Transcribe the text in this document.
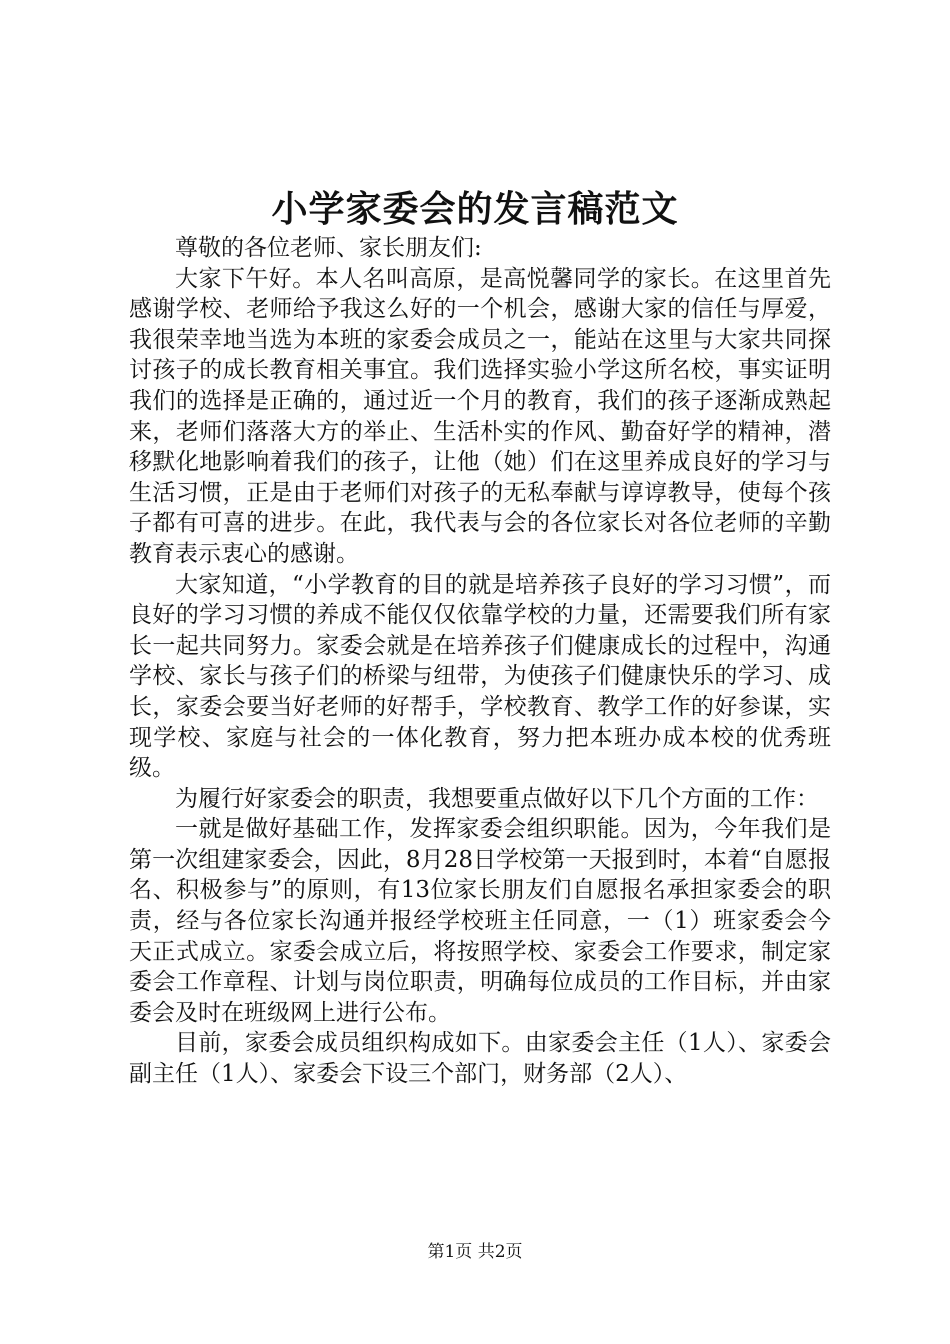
小学家委会的发言稿范文

尊敬的各位老师、家长朋友们:

大家下午好。本人名叫高原，是高悦馨同学的家长。在这里首先感谢学校、老师给予我这么好的一个机会，感谢大家的信任与厚爱，我很荣幸地当选为本班的家委会成员之一，能站在这里与大家共同探讨孩子的成长教育相关事宜。我们选择实验小学这所名校，事实证明我们的选择是正确的，通过近一个月的教育，我们的孩子逐渐成熟起来，老师们落落大方的举止、生活朴实的作风、勤奋好学的精神，潜移默化地影响着我们的孩子，让他（她）们在这里养成良好的学习与生活习惯，正是由于老师们对孩子的无私奉献与谆谆教导，使每个孩子都有可喜的进步。在此，我代表与会的各位家长对各位老师的辛勤教育表示衷心的感谢。

大家知道，“小学教育的目的就是培养孩子良好的学习习惯”，而良好的学习习惯的养成不能仅仅依靠学校的力量，还需要我们所有家长一起共同努力。家委会就是在培养孩子们健康成长的过程中，沟通学校、家长与孩子们的桥梁与纽带，为使孩子们健康快乐的学习、成长，家委会要当好老师的好帮手，学校教育、教学工作的好参谋，实现学校、家庭与社会的一体化教育，努力把本班办成本校的优秀班级。

为履行好家委会的职责，我想要重点做好以下几个方面的工作：

一就是做好基础工作，发挥家委会组织职能。因为，今年我们是第一次组建家委会，因此，8月28日学校第一天报到时，本着“自愿报名、积极参与”的原则，有13位家长朋友们自愿报名承担家委会的职责，经与各位家长沟通并报经学校班主任同意，一（1）班家委会今天正式成立。家委会成立后，将按照学校、家委会工作要求，制定家委会工作章程、计划与岗位职责，明确每位成员的工作目标，并由家委会及时在班级网上进行公布。

目前，家委会成员组织构成如下。由家委会主任（1人）、家委会副主任（1人）、家委会下设三个部门，财务部（2人）、

第1页 共2页
